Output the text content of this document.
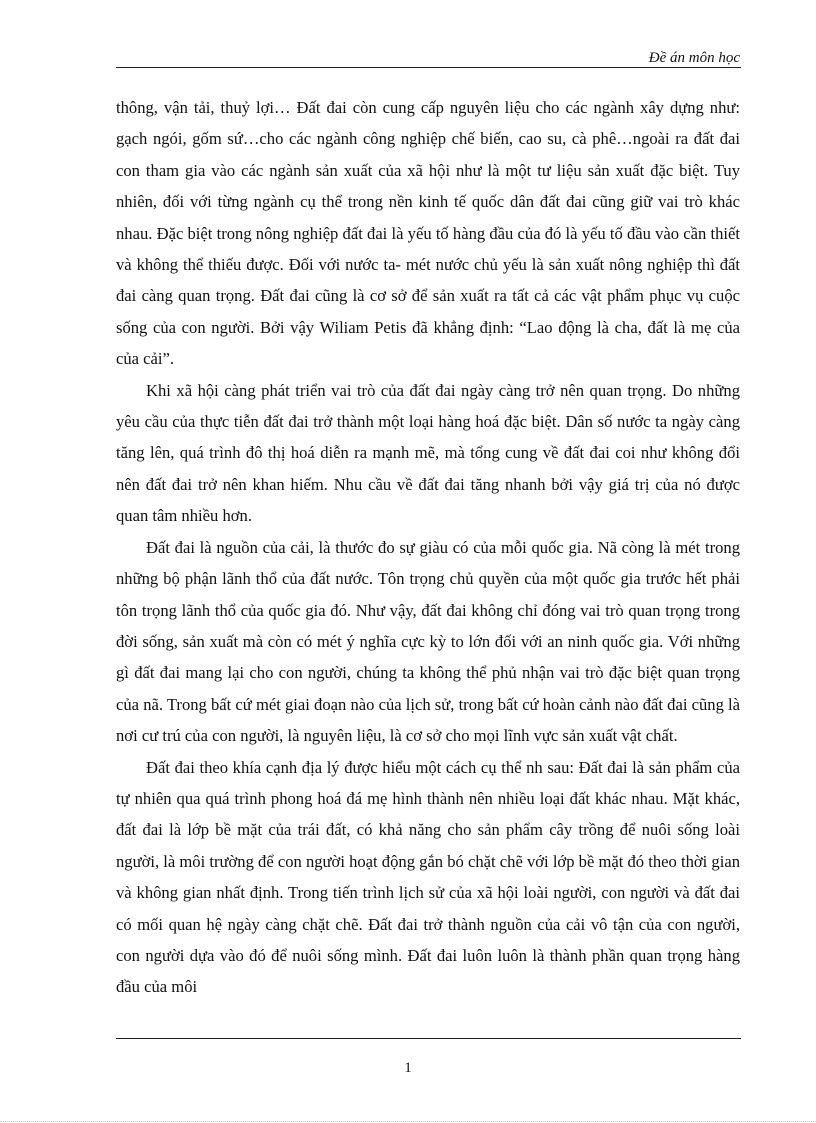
Đề án môn học

thông, vận tải, thuỷ lợi… Đất đai còn cung cấp nguyên liệu cho các ngành xây dựng như: gạch ngói, gốm sứ…cho các ngành công nghiệp chế biến, cao su, cà phê…ngoài ra đất đai con tham gia vào các ngành sản xuất của xã hội như là một tư liệu sản xuất đặc biệt. Tuy nhiên, đối với từng ngành cụ thể trong nền kinh tế quốc dân đất đai cũng giữ vai trò khác nhau. Đặc biệt trong nông nghiệp đất đai là yếu tố hàng đầu của đó là yếu tố đầu vào cần thiết và không thể thiếu được. Đối với nước ta- mét nước chủ yếu là sản xuất nông nghiệp thì đất đai càng quan trọng. Đất đai cũng là cơ sở để sản xuất ra tất cả các vật phẩm phục vụ cuộc sống của con người. Bởi vậy Wiliam Petis đã khẳng định: “Lao động là cha, đất là mẹ của của cải”.

Khi xã hội càng phát triển vai trò của đất đai ngày càng trở nên quan trọng. Do những yêu cầu của thực tiễn đất đai trở thành một loại hàng hoá đặc biệt. Dân số nước ta ngày càng tăng lên, quá trình đô thị hoá diễn ra mạnh mẽ, mà tổng cung về đất đai coi như không đổi nên đất đai trở nên khan hiếm. Nhu cầu về đất đai tăng nhanh bởi vậy giá trị của nó được quan tâm nhiều hơn.

Đất đai là nguồn của cải, là thước đo sự giàu có của mỗi quốc gia. Nã còng là mét trong những bộ phận lãnh thổ của đất nước. Tôn trọng chủ quyền của một quốc gia trước hết phải tôn trọng lãnh thổ của quốc gia đó. Như vậy, đất đai không chỉ đóng vai trò quan trọng trong đời sống, sản xuất mà còn có mét ý nghĩa cực kỳ to lớn đối với an ninh quốc gia. Với những gì đất đai mang lại cho con người, chúng ta không thể phủ nhận vai trò đặc biệt quan trọng của nã. Trong bất cứ mét giai đoạn nào của lịch sử, trong bất cứ hoàn cảnh nào đất đai cũng là nơi cư trú của con người, là nguyên liệu, là cơ sở cho mọi lĩnh vực sản xuất vật chất.

Đất đai theo khía cạnh địa lý được hiểu một cách cụ thể nh sau: Đất đai là sản phẩm của tự nhiên qua quá trình phong hoá đá mẹ hình thành nên nhiều loại đất khác nhau. Mặt khác, đất đai là lớp bề mặt của trái đất, có khả năng cho sản phẩm cây trồng để nuôi sống loài người, là môi trường để con người hoạt động gắn bó chặt chẽ với lớp bề mặt đó theo thời gian và không gian nhất định. Trong tiến trình lịch sử của xã hội loài người, con người và đất đai có mối quan hệ ngày càng chặt chẽ. Đất đai trở thành nguồn của cải vô tận của con người, con người dựa vào đó để nuôi sống mình. Đất đai luôn luôn là thành phần quan trọng hàng đầu của môi

1
